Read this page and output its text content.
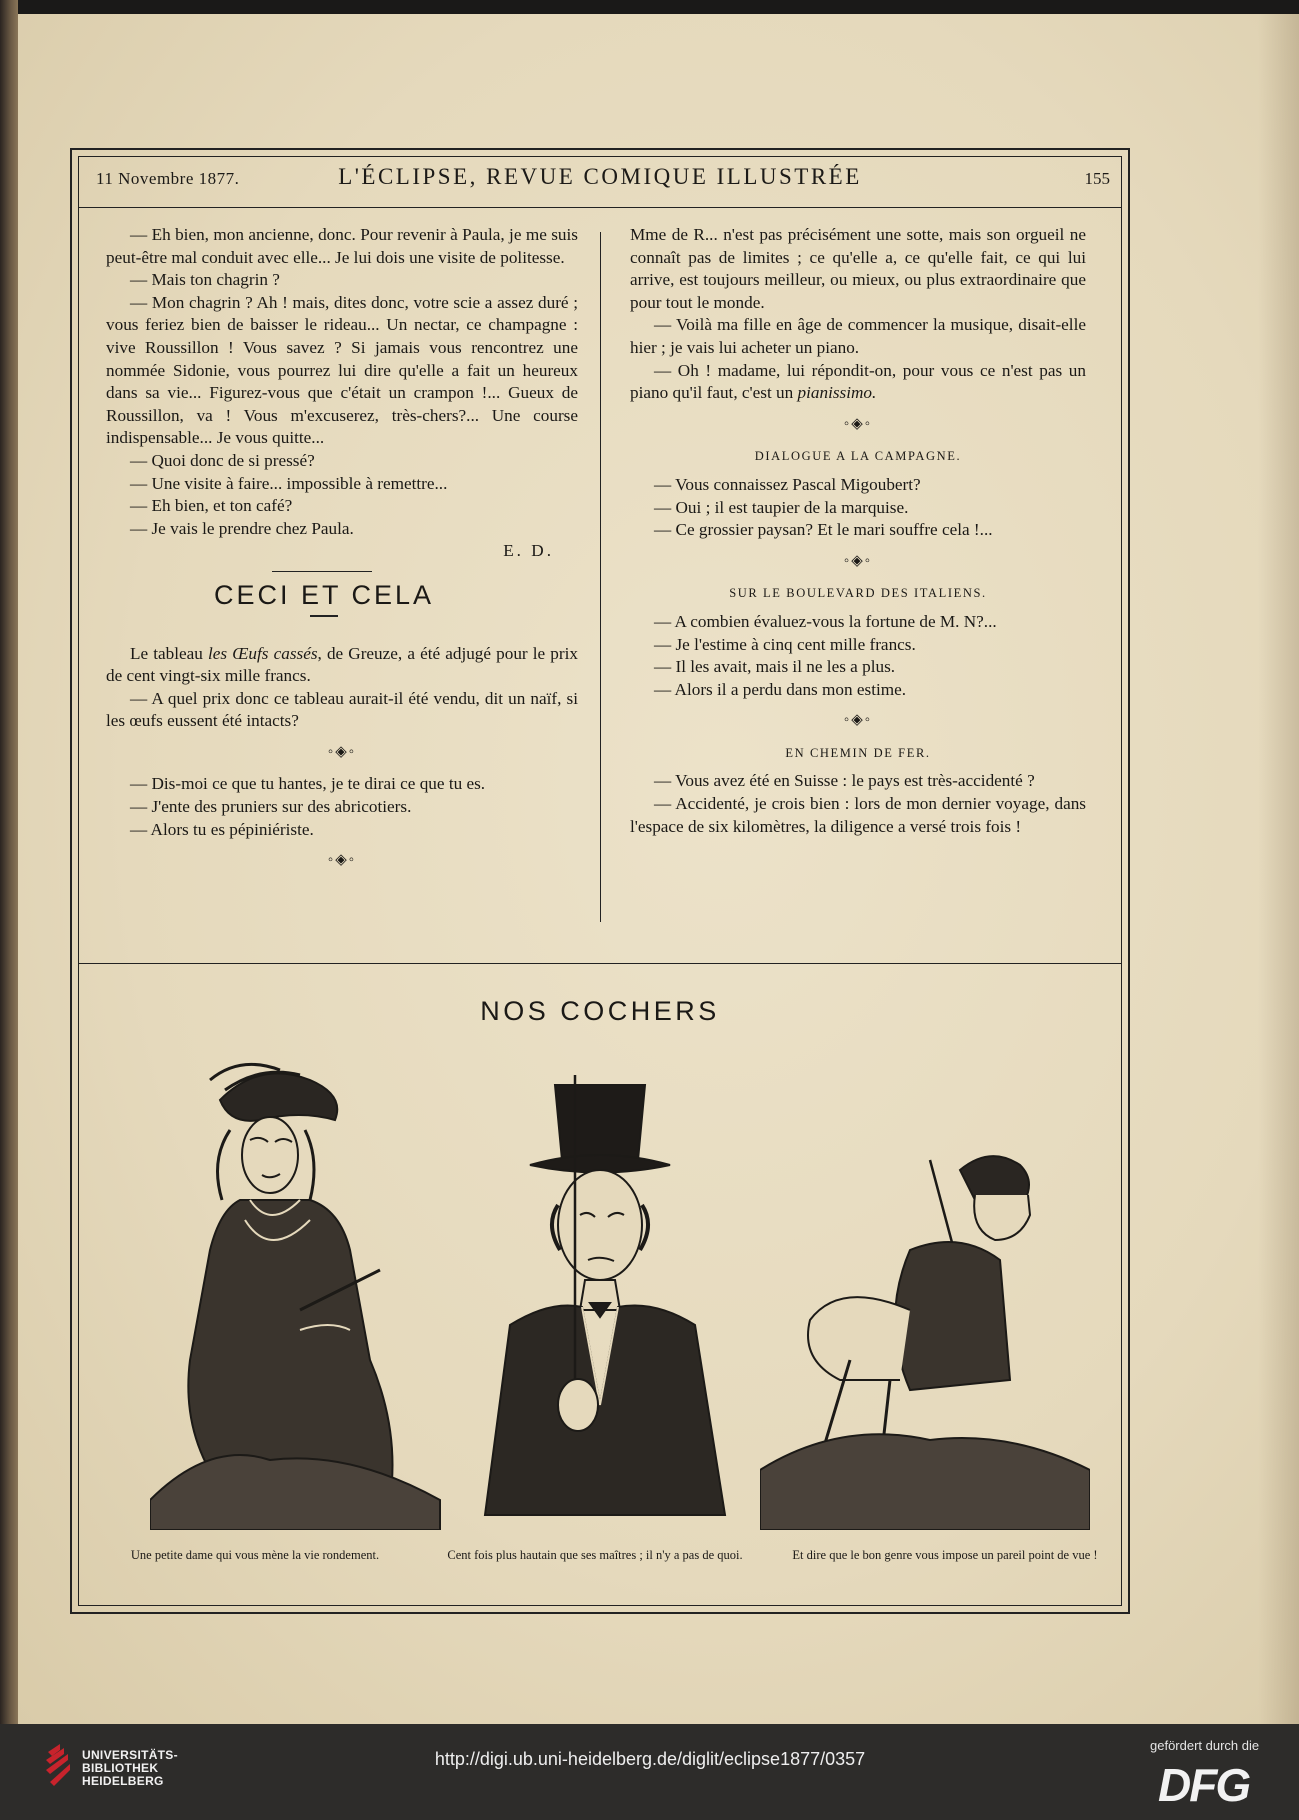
11 Novembre 1877.	L'ÉCLIPSE, REVUE COMIQUE ILLUSTRÉE	155

— Eh bien, mon ancienne, donc. Pour revenir à Paula, je me suis peut-être mal conduit avec elle... Je lui dois une visite de politesse.

— Mais ton chagrin ?

— Mon chagrin ? Ah ! mais, dites donc, votre scie a assez duré ; vous feriez bien de baisser le rideau... Un nectar, ce champagne : vive Roussillon ! Vous savez ? Si jamais vous rencontrez une nommée Sidonie, vous pourrez lui dire qu'elle a fait un heureux dans sa vie... Figurez-vous que c'était un crampon !... Gueux de Roussillon, va ! Vous m'excuserez, très-chers?... Une course indispensable... Je vous quitte...

— Quoi donc de si pressé?

— Une visite à faire... impossible à remettre...

— Eh bien, et ton café?

— Je vais le prendre chez Paula.

E. D.
CECI ET CELA

Le tableau les Œufs cassés, de Greuze, a été adjugé pour le prix de cent vingt-six mille francs.

— A quel prix donc ce tableau aurait-il été vendu, dit un naïf, si les œufs eussent été intacts?

◦◈◦

— Dis-moi ce que tu hantes, je te dirai ce que tu es.

— J'ente des pruniers sur des abricotiers.

— Alors tu es pépiniériste.

◦◈◦

Mme de R... n'est pas précisément une sotte, mais son orgueil ne connaît pas de limites ; ce qu'elle a, ce qu'elle fait, ce qui lui arrive, est toujours meilleur, ou mieux, ou plus extraordinaire que pour tout le monde.

— Voilà ma fille en âge de commencer la musique, disait-elle hier ; je vais lui acheter un piano.

— Oh ! madame, lui répondit-on, pour vous ce n'est pas un piano qu'il faut, c'est un pianissimo.

◦◈◦
DIALOGUE A LA CAMPAGNE.

— Vous connaissez Pascal Migoubert?

— Oui ; il est taupier de la marquise.

— Ce grossier paysan? Et le mari souffre cela !...

◦◈◦
SUR LE BOULEVARD DES ITALIENS.

— A combien évaluez-vous la fortune de M. N?...

— Je l'estime à cinq cent mille francs.

— Il les avait, mais il ne les a plus.

— Alors il a perdu dans mon estime.

◦◈◦
EN CHEMIN DE FER.

— Vous avez été en Suisse : le pays est très-accidenté ?

— Accidenté, je crois bien : lors de mon dernier voyage, dans l'espace de six kilomètres, la diligence a versé trois fois !

NOS COCHERS
Une petite dame qui vous mène la vie rondement.	Cent fois plus hautain que ses maîtres ; il n'y a pas de quoi.	Et dire que le bon genre vous impose un pareil point de vue !
UNIVERSITÄTS-
BIBLIOTHEK
HEIDELBERG
http://digi.ub.uni-heidelberg.de/diglit/eclipse1877/0357
gefördert durch die
DFG
